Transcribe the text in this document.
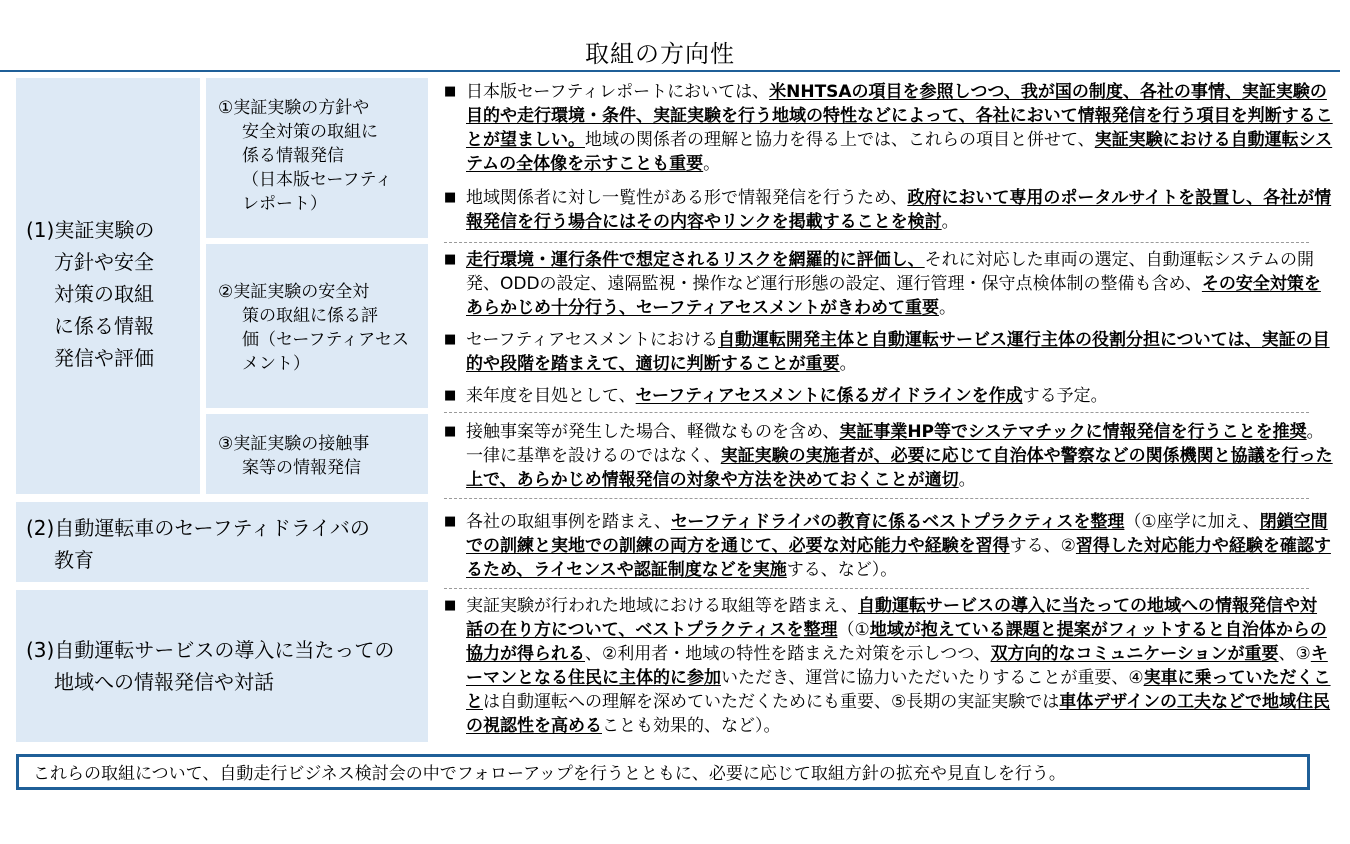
取組の方向性
(1)実証実験の
方針や安全
対策の取組
に係る情報
発信や評価
①実証実験の方針や
安全対策の取組に
係る情報発信
（日本版セーフティ
レポート）
②実証実験の安全対
策の取組に係る評
価（セーフティアセス
メント）
③実証実験の接触事
案等の情報発信
(2)自動運転車のセーフティドライバの
教育
(3)自動運転サービスの導入に当たっての
地域への情報発信や対話
■ 日本版セーフティレポートにおいては、米NHTSAの項目を参照しつつ、我が国の制度、各社の事情、実証実験の目的や走行環境・条件、実証実験を行う地域の特性などによって、各社において情報発信を行う項目を判断することが望ましい。地域の関係者の理解と協力を得る上では、これらの項目と併せて、実証実験における自動運転システムの全体像を示すことも重要。
■ 地域関係者に対し一覧性がある形で情報発信を行うため、政府において専用のポータルサイトを設置し、各社が情報発信を行う場合にはその内容やリンクを掲載することを検討。
■ 走行環境・運行条件で想定されるリスクを網羅的に評価し、それに対応した車両の選定、自動運転システムの開発、ODDの設定、遠隔監視・操作など運行形態の設定、運行管理・保守点検体制の整備も含め、その安全対策をあらかじめ十分行う、セーフティアセスメントがきわめて重要。
■ セーフティアセスメントにおける自動運転開発主体と自動運転サービス運行主体の役割分担については、実証の目的や段階を踏まえて、適切に判断することが重要。
■ 来年度を目処として、セーフティアセスメントに係るガイドラインを作成する予定。
■ 接触事案等が発生した場合、軽微なものを含め、実証事業HP等でシステマチックに情報発信を行うことを推奨。一律に基準を設けるのではなく、実証実験の実施者が、必要に応じて自治体や警察などの関係機関と協議を行った上で、あらかじめ情報発信の対象や方法を決めておくことが適切。
■ 各社の取組事例を踏まえ、セーフティドライバの教育に係るベストプラクティスを整理（①座学に加え、閉鎖空間での訓練と実地での訓練の両方を通じて、必要な対応能力や経験を習得する、②習得した対応能力や経験を確認するため、ライセンスや認証制度などを実施する、など）。
■ 実証実験が行われた地域における取組等を踏まえ、自動運転サービスの導入に当たっての地域への情報発信や対話の在り方について、ベストプラクティスを整理（①地域が抱えている課題と提案がフィットすると自治体からの協力が得られる、②利用者・地域の特性を踏まえた対策を示しつつ、双方向的なコミュニケーションが重要、③キーマンとなる住民に主体的に参加いただき、運営に協力いただいたりすることが重要、④実車に乗っていただくことは自動運転への理解を深めていただくためにも重要、⑤長期の実証実験では車体デザインの工夫などで地域住民の視認性を高めることも効果的、など）。
これらの取組について、自動走行ビジネス検討会の中でフォローアップを行うとともに、必要に応じて取組方針の拡充や見直しを行う。
